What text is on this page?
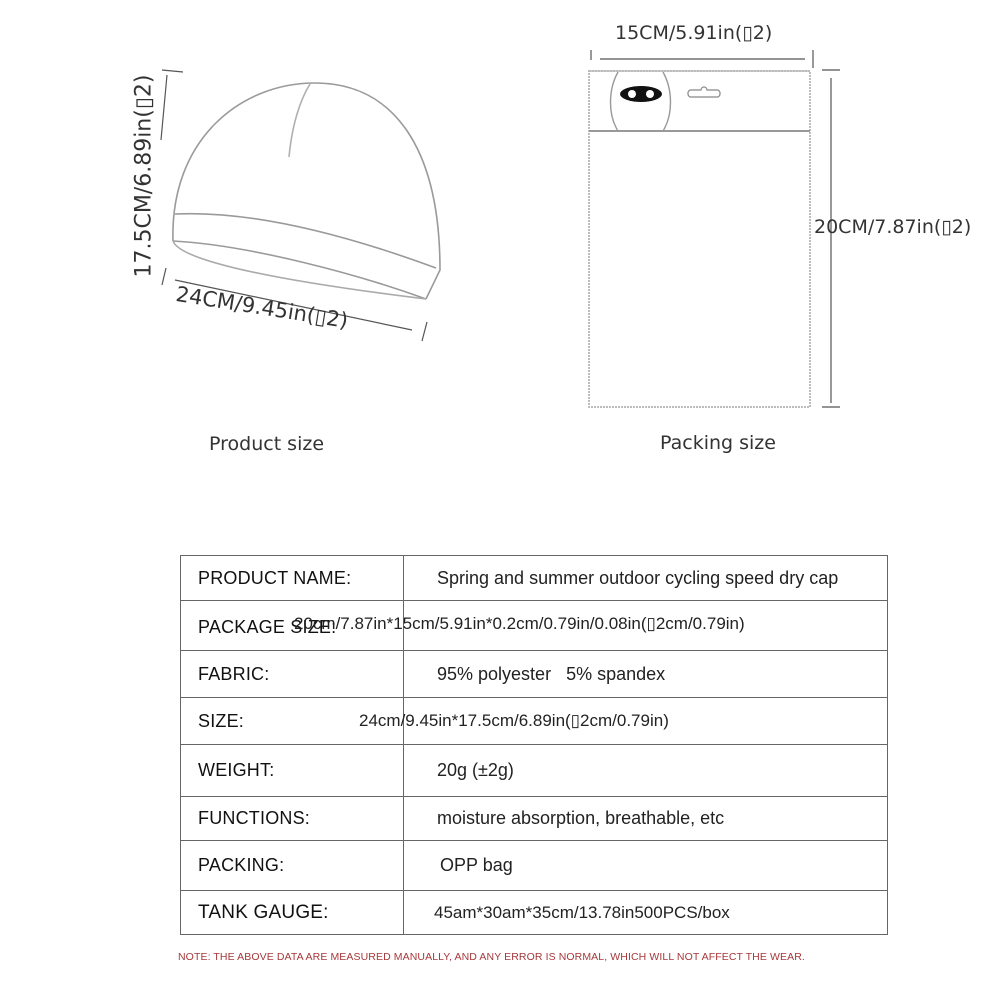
17.5CM/6.89in(▯2)
24CM/9.45in(▯2)
Product size
15CM/5.91in(▯2)
20CM/7.87in(▯2)
Packing size
PRODUCT NAME:	Spring and summer outdoor cycling speed dry cap
PACKAGE SIZE:	20cm/7.87in*15cm/5.91in*0.2cm/0.79in/0.08in(▯2cm/0.79in)

FABRIC:	95% polyester   5% spandex
SIZE:	24cm/9.45in*17.5cm/6.89in(▯2cm/0.79in)

WEIGHT:	20g (±2g)
FUNCTIONS:	moisture absorption, breathable, etc
PACKING:	OPP bag
TANK GAUGE:	45am*30am*35cm/13.78in500PCS/box
NOTE: THE ABOVE DATA ARE MEASURED MANUALLY, AND ANY ERROR IS NORMAL, WHICH WILL NOT AFFECT THE WEAR.
